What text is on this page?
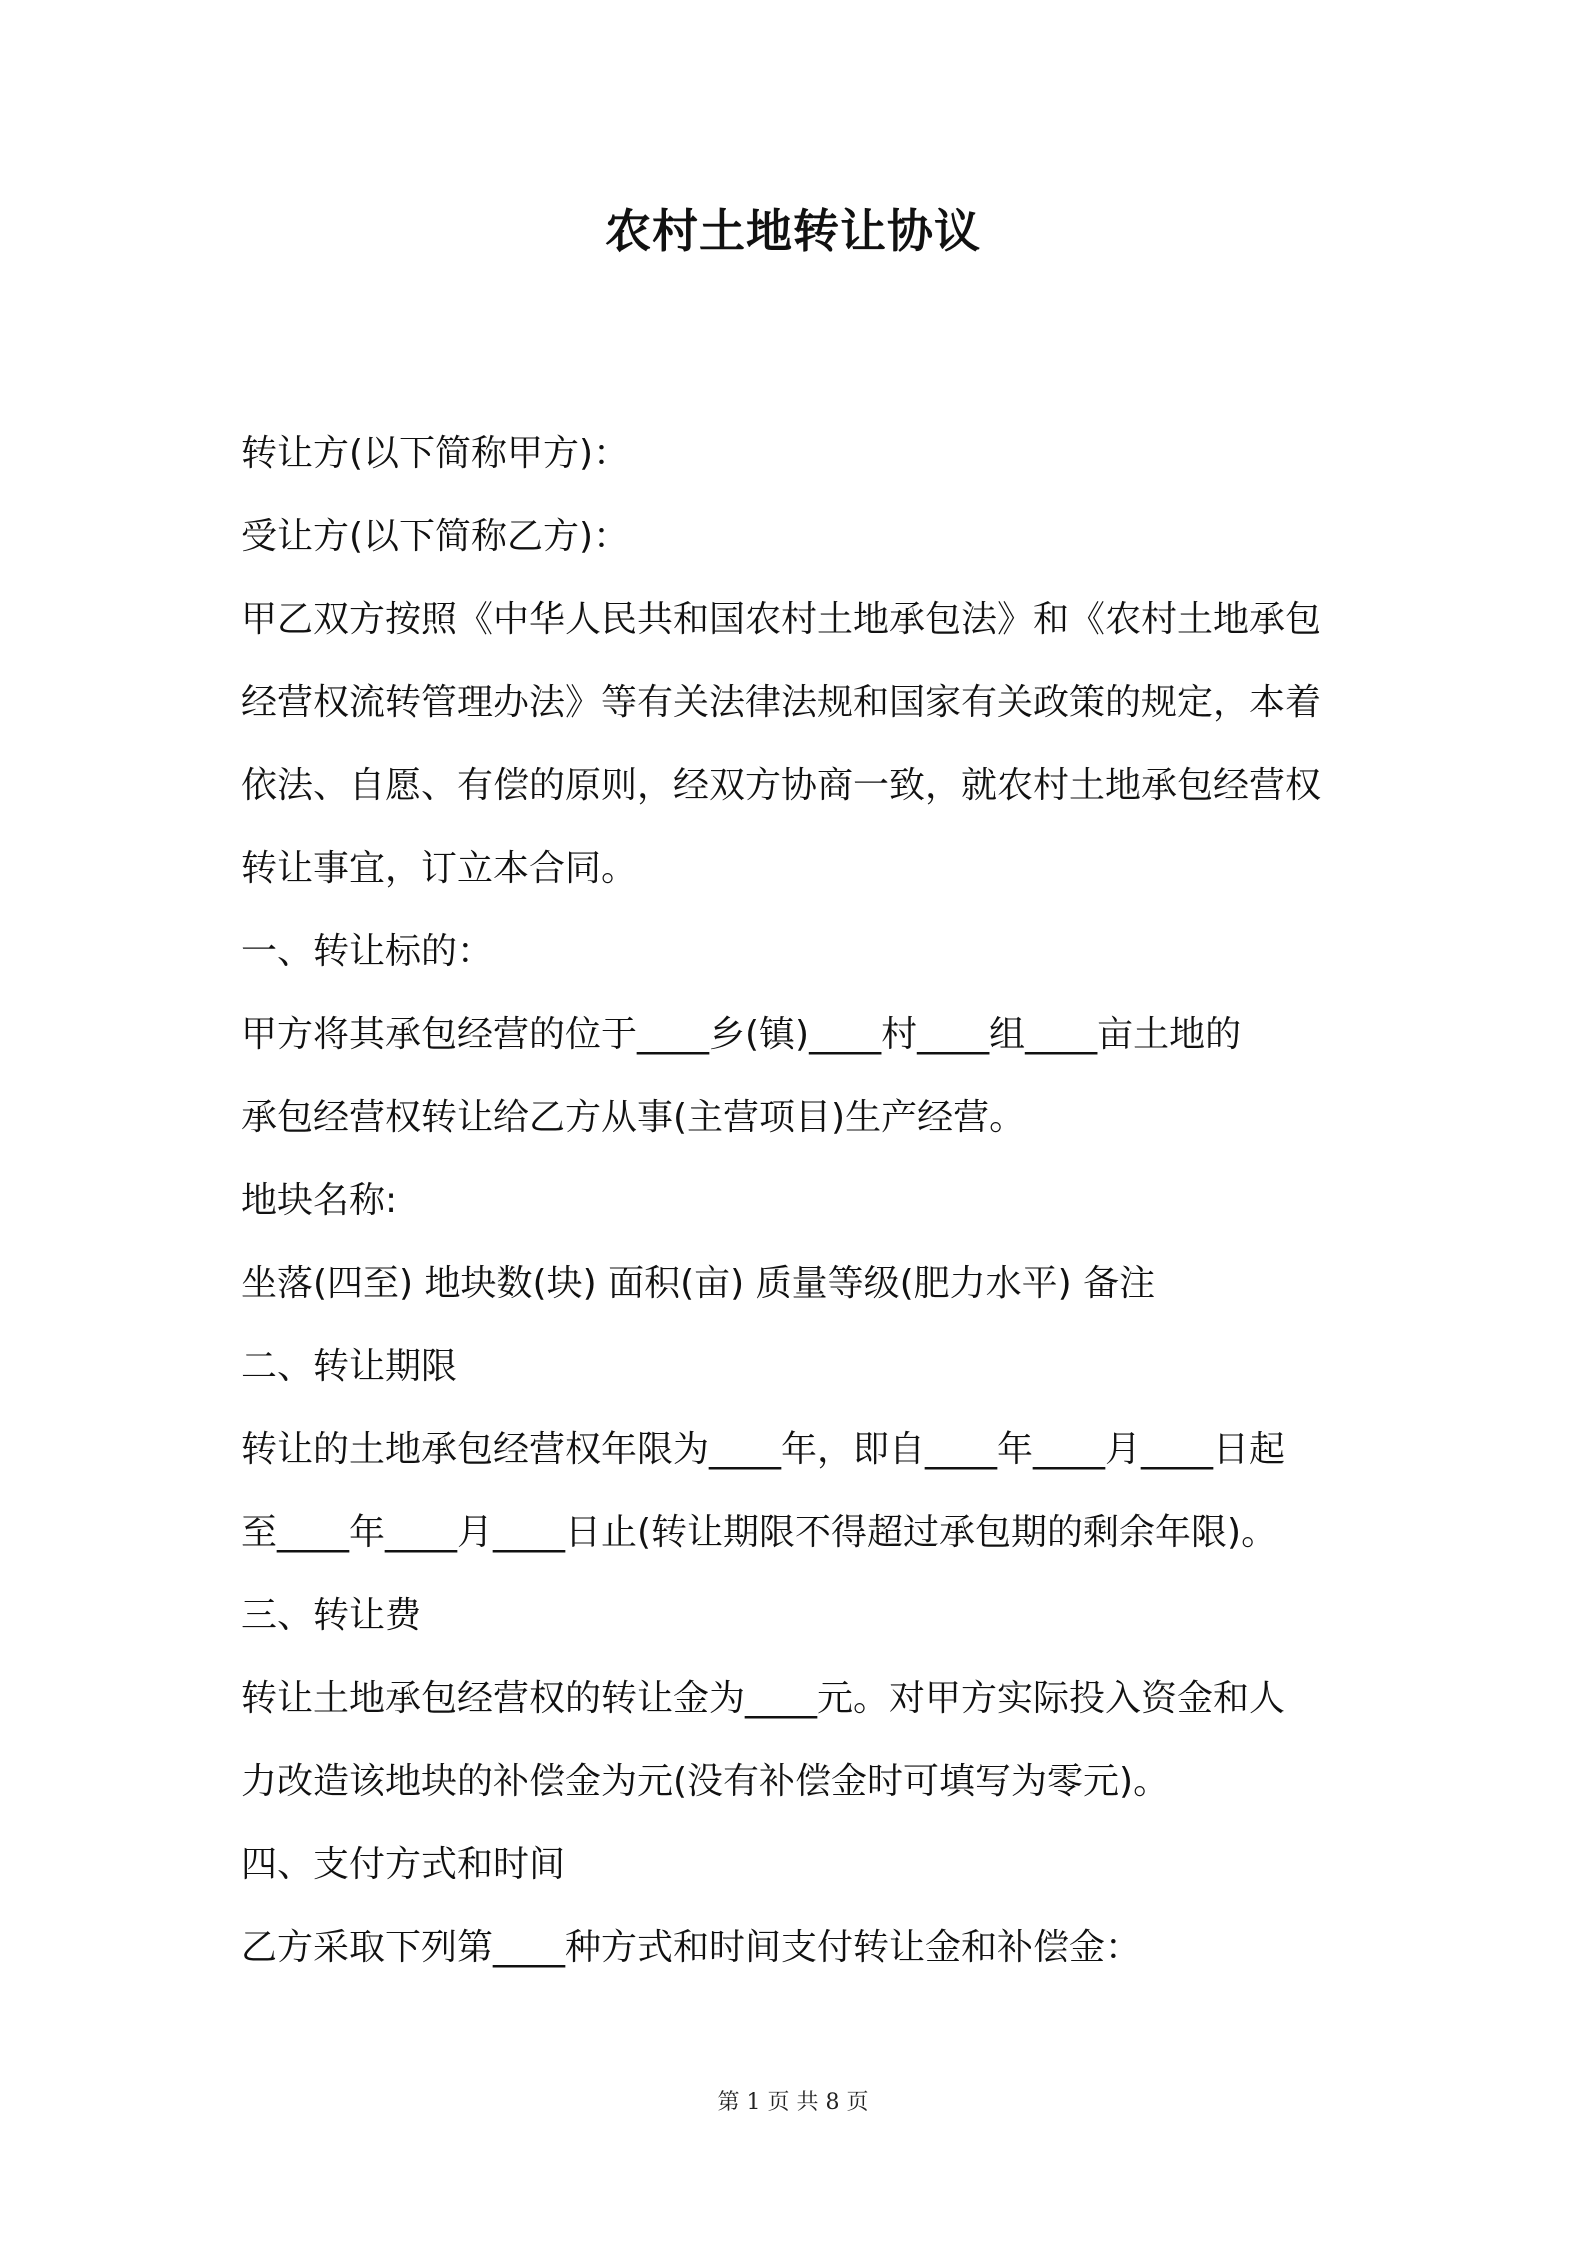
农村土地转让协议
转让方(以下简称甲方)：
受让方(以下简称乙方)：
甲乙双方按照《中华人民共和国农村土地承包法》和《农村土地承包
经营权流转管理办法》等有关法律法规和国家有关政策的规定，本着
依法、自愿、有偿的原则，经双方协商一致，就农村土地承包经营权
转让事宜，订立本合同。
一、转让标的：
甲方将其承包经营的位于____乡(镇)____村____组____亩土地的
承包经营权转让给乙方从事(主营项目)生产经营。
地块名称:
坐落(四至) 地块数(块) 面积(亩) 质量等级(肥力水平) 备注
二、转让期限
转让的土地承包经营权年限为____年，即自____年____月____日起
至____年____月____日止(转让期限不得超过承包期的剩余年限)。
三、转让费
转让土地承包经营权的转让金为____元。对甲方实际投入资金和人
力改造该地块的补偿金为元(没有补偿金时可填写为零元)。
四、支付方式和时间
乙方采取下列第____种方式和时间支付转让金和补偿金：
第 1 页 共 8 页
